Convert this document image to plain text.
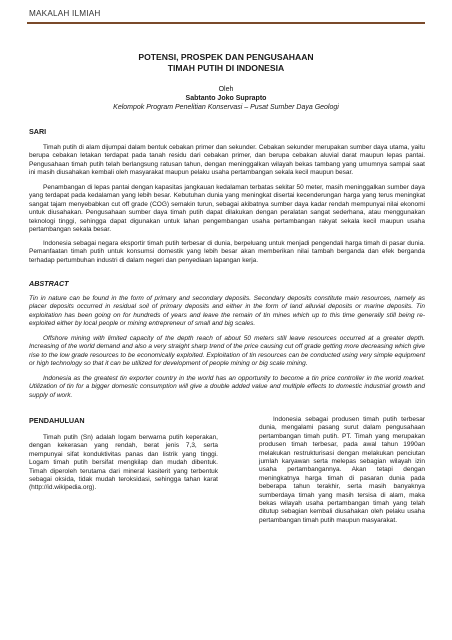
MAKALAH ILMIAH
POTENSI, PROSPEK DAN PENGUSAHAAN
TIMAH PUTIH DI INDONESIA
Oleh
Sabtanto Joko Suprapto
Kelompok Program Penelitian Konservasi – Pusat Sumber Daya Geologi
SARI

Timah putih di alam dijumpai dalam bentuk cebakan primer dan sekunder. Cebakan sekunder merupakan sumber daya utama, yaitu berupa cebakan letakan terdapat pada tanah residu dari cebakan primer, dan berupa cebakan aluvial darat maupun lepas pantai. Pengusahaan timah putih telah berlangsung ratusan tahun, dengan meninggalkan wilayah bekas tambang yang umumnya sampai saat ini masih diusahakan kembali oleh masyarakat maupun pelaku usaha pertambangan sekala kecil maupun besar.

Penambangan di lepas pantai dengan kapasitas jangkauan kedalaman terbatas sekitar 50 meter, masih meninggalkan sumber daya yang terdapat pada kedalaman yang lebih besar. Kebutuhan dunia yang meningkat disertai kecenderungan harga yang terus meningkat sangat tajam menyebabkan cut off grade (COG) semakin turun, sebagai akibatnya sumber daya kadar rendah mempunyai nilai ekonomi untuk diusahakan. Pengusahaan sumber daya timah putih dapat dilakukan dengan peralatan sangat sederhana, atau menggunakan teknologi tinggi, sehingga dapat digunakan untuk lahan pengembangan usaha pertambangan rakyat sekala kecil maupun usaha pertambangan sekala besar.

Indonesia sebagai negara eksportir timah putih terbesar di dunia, berpeluang untuk menjadi pengendali harga timah di pasar dunia. Pemanfaatan timah putih untuk konsumsi domestik yang lebih besar akan memberikan nilai tambah berganda dan efek berganda terhadap pertumbuhan industri di dalam negeri dan penyediaan lapangan kerja.

ABSTRACT

Tin in nature can be found in the form of primary and secondary deposits. Secondary deposits constitute main resources, namely as placer deposits occurred in residual soil of primary deposits and either in the form of land alluvial deposits or marine deposits. Tin exploitation has been going on for hundreds of years and leave the remain of tin mines which up to this time generally still being re-exploited either by local people or mining entrepreneur of small and big scales.

Offshore mining with limited capacity of the depth reach of about 50 meters still leave resources occurred at a greater depth. Increasing of the world demand and also a very straight sharp trend of the price causing cut off grade getting more decreasing which give rise to the low grade resources to be economically exploited. Exploitation of tin resources can be conducted using very simple equipment or high technology so that it can be utilized for development of people mining or big scale mining.

Indonesia as the greatest tin exporter country in the world has an opportunity to become a tin price controller in the world market. Utilization of tin for a bigger domestic consumption will give a double added value and multiple effects to domestic industrial growth and supply of work.

PENDAHULUAN

Timah putih (Sn) adalah logam berwarna putih keperakan, dengan kekerasan yang rendah, berat jenis 7,3, serta mempunyai sifat konduktivitas panas dan listrik yang tinggi. Logam timah putih bersifat mengkilap dan mudah dibentuk. Timah diperoleh terutama dari mineral kasiterit yang terbentuk sebagai oksida, tidak mudah teroksidasi, sehingga tahan karat (http://id.wikipedia.org).

Indonesia sebagai produsen timah putih terbesar dunia, mengalami pasang surut dalam pengusahaan pertambangan timah putih. PT. Timah yang merupakan produsen timah terbesar, pada awal tahun 1990an melakukan restrukturisasi dengan melakukan penciutan jumlah karyawan serta melepas sebagian wilayah izin usaha pertambangannya. Akan tetapi dengan meningkatnya harga timah di pasaran dunia pada beberapa tahun terakhir, serta masih banyaknya sumberdaya timah yang masih tersisa di alam, maka bekas wilayah usaha pertambangan timah yang telah ditutup sebagian kembali diusahakan oleh pelaku usaha pertambangan timah putih maupun masyarakat.
